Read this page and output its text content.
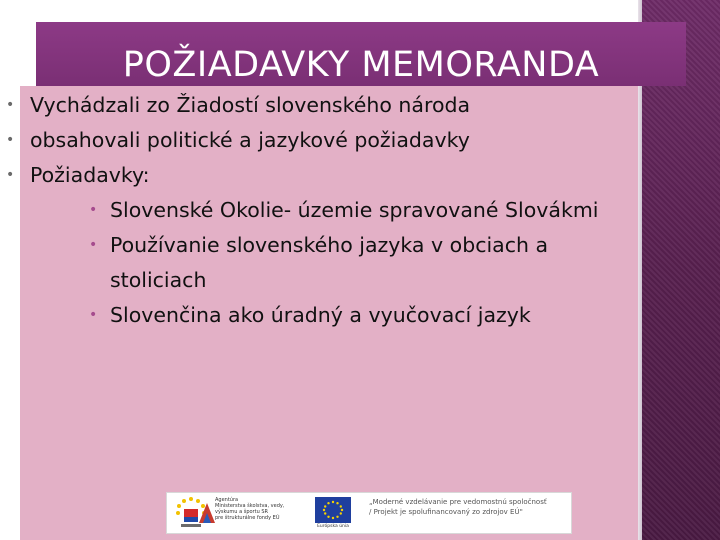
POŽIADAVKY MEMORANDA
• Vychádzali zo Žiadostí slovenského národa
• obsahovali politické a jazykové požiadavky
• Požiadavky:
• Slovenské Okolie- územie spravované Slovákmi
• Používanie slovenského jazyka v obciach a stoliciach
• Slovenčina ako úradný a vyučovací jazyk
Agentúra
Ministerstva školstva, vedy, výskumu a športu SR
pre štrukturálne fondy EÚ
Európska únia
„Moderné vzdelávanie pre vedomostnú spoločnosť
/ Projekt je spolufinancovaný zo zdrojov EÚ"
